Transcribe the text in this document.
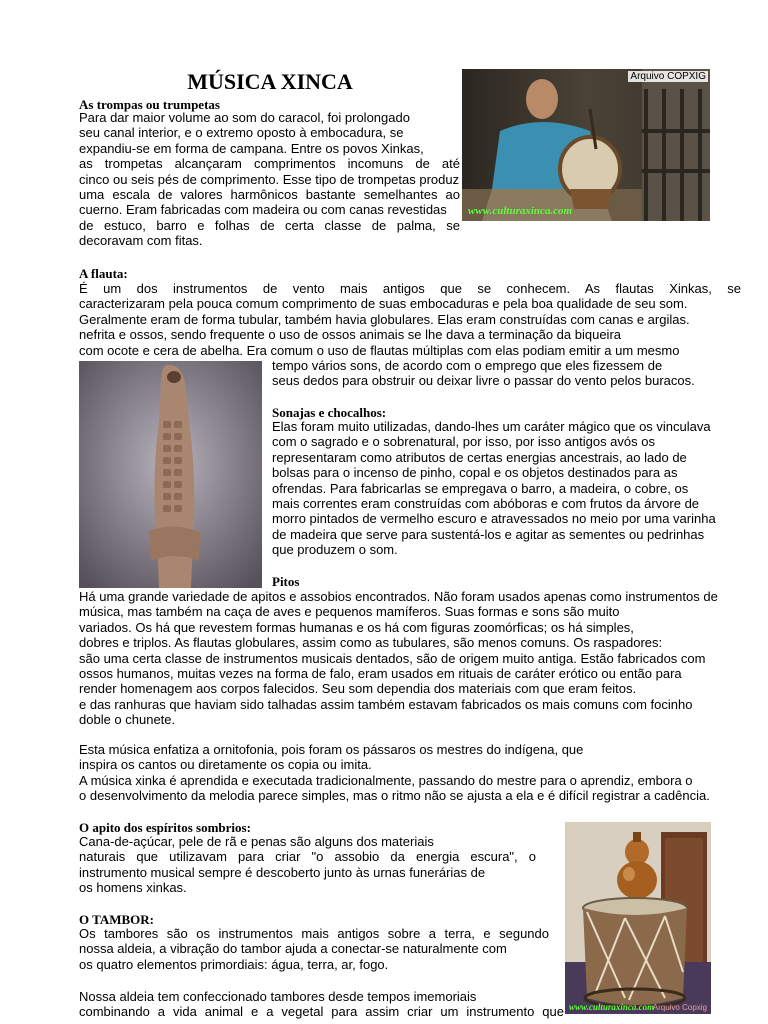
MÚSICA XINCA
As trompas ou trumpetas
Para dar maior volume ao som do caracol, foi prolongado
seu canal interior, e o extremo oposto à embocadura, se
expandiu-se em forma de campana. Entre os povos Xinkas,
as trompetas alcançaram comprimentos incomuns de até
cinco ou seis pés de comprimento. Esse tipo de trompetas produz
uma escala de valores harmônicos bastante semelhantes ao
cuerno. Eram fabricadas com madeira ou com canas revestidas
de estuco, barro e folhas de certa classe de palma, se
decoravam com fitas.
Arquivo COPXIG
www.culturaxinca.com
A flauta:
É um dos instrumentos de vento mais antigos que se conhecem. As flautas Xinkas, se
caracterizaram pela pouca comum comprimento de suas embocaduras e pela boa qualidade de seu som.
Geralmente eram de forma tubular, também havia globulares. Elas eram construídas com canas e argilas.
nefrita e ossos, sendo frequente o uso de ossos animais se lhe dava a terminação da biqueira
com ocote e cera de abelha. Era comum o uso de flautas múltiplas com elas podiam emitir a um mesmo
tempo vários sons, de acordo com o emprego que eles fizessem de
seus dedos para obstruir ou deixar livre o passar do vento pelos buracos.
Sonajas e chocalhos:
Elas foram muito utilizadas, dando-lhes um caráter mágico que os vinculava
com o sagrado e o sobrenatural, por isso, por isso antigos avós os
representaram como atributos de certas energias ancestrais, ao lado de
bolsas para o incenso de pinho, copal e os objetos destinados para as
ofrendas. Para fabricarlas se empregava o barro, a madeira, o cobre, os
mais correntes eram construídas com abóboras e com frutos da árvore de
morro pintados de vermelho escuro e atravessados no meio por uma varinha
de madeira que serve para sustentá-los e agitar as sementes ou pedrinhas
que produzem o som.
Pitos
Há uma grande variedade de apitos e assobios encontrados. Não foram usados apenas como instrumentos de
música, mas também na caça de aves e pequenos mamíferos. Suas formas e sons são muito
variados. Os há que revestem formas humanas e os há com figuras zoomórficas; os há simples,
dobres e triplos. As flautas globulares, assim como as tubulares, são menos comuns. Os raspadores:
são uma certa classe de instrumentos musicais dentados, são de origem muito antiga. Estão fabricados com
ossos humanos, muitas vezes na forma de falo, eram usados em rituais de caráter erótico ou então para
render homenagem aos corpos falecidos. Seu som dependia dos materiais com que eram feitos.
e das ranhuras que haviam sido talhadas assim também estavam fabricados os mais comuns com focinho
doble o chunete.
Esta música enfatiza a ornitofonia, pois foram os pássaros os mestres do indígena, que
inspira os cantos ou diretamente os copia ou imita.
A música xinka é aprendida e executada tradicionalmente, passando do mestre para o aprendiz, embora o
o desenvolvimento da melodia parece simples, mas o ritmo não se ajusta a ela e é difícil registrar a cadência.
O apito dos espíritos sombrios:
Cana-de-açúcar, pele de rã e penas são alguns dos materiais
naturais que utilizavam para criar "o assobio da energia escura", o
instrumento musical sempre é descoberto junto às urnas funerárias de
os homens xinkas.
O TAMBOR:
Os tambores são os instrumentos mais antigos sobre a terra, e segundo
nossa aldeia, a vibração do tambor ajuda a conectar-se naturalmente com
os quatro elementos primordiais: água, terra, ar, fogo.
Nossa aldeia tem confeccionado tambores desde tempos imemoriais
combinando a vida animal e a vegetal para assim criar um instrumento que www.culturaxinca.com
Arquivo Copxig
